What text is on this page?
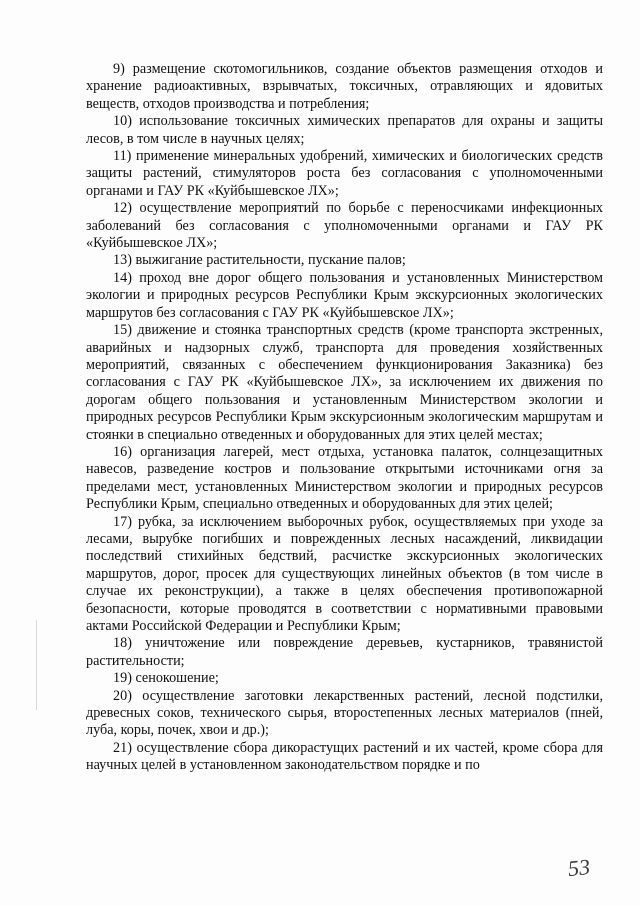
9) размещение скотомогильников, создание объектов размещения отходов и хранение радиоактивных, взрывчатых, токсичных, отравляющих и ядовитых веществ, отходов производства и потребления;

10) использование токсичных химических препаратов для охраны и защиты лесов, в том числе в научных целях;

11) применение минеральных удобрений, химических и биологических средств защиты растений, стимуляторов роста без согласования с уполномоченными органами и ГАУ РК «Куйбышевское ЛХ»;

12) осуществление мероприятий по борьбе с переносчиками инфекционных заболеваний без согласования с уполномоченными органами и ГАУ РК «Куйбышевское ЛХ»;

13) выжигание растительности, пускание палов;

14) проход вне дорог общего пользования и установленных Министерством экологии и природных ресурсов Республики Крым экскурсионных экологических маршрутов без согласования с ГАУ РК «Куйбышевское ЛХ»;

15) движение и стоянка транспортных средств (кроме транспорта экстренных, аварийных и надзорных служб, транспорта для проведения хозяйственных мероприятий, связанных с обеспечением функционирования Заказника) без согласования с ГАУ РК «Куйбышевское ЛХ», за исключением их движения по дорогам общего пользования и установленным Министерством экологии и природных ресурсов Республики Крым экскурсионным экологическим маршрутам и стоянки в специально отведенных и оборудованных для этих целей местах;

16) организация лагерей, мест отдыха, установка палаток, солнцезащитных навесов, разведение костров и пользование открытыми источниками огня за пределами мест, установленных Министерством экологии и природных ресурсов Республики Крым, специально отведенных и оборудованных для этих целей;

17) рубка, за исключением выборочных рубок, осуществляемых при уходе за лесами, вырубке погибших и поврежденных лесных насаждений, ликвидации последствий стихийных бедствий, расчистке экскурсионных экологических маршрутов, дорог, просек для существующих линейных объектов (в том числе в случае их реконструкции), а также в целях обеспечения противопожарной безопасности, которые проводятся в соответствии с нормативными правовыми актами Российской Федерации и Республики Крым;

18) уничтожение или повреждение деревьев, кустарников, травянистой растительности;

19) сенокошение;

20) осуществление заготовки лекарственных растений, лесной подстилки, древесных соков, технического сырья, второстепенных лесных материалов (пней, луба, коры, почек, хвои и др.);

21) осуществление сбора дикорастущих растений и их частей, кроме сбора для научных целей в установленном законодательством порядке и по

53
